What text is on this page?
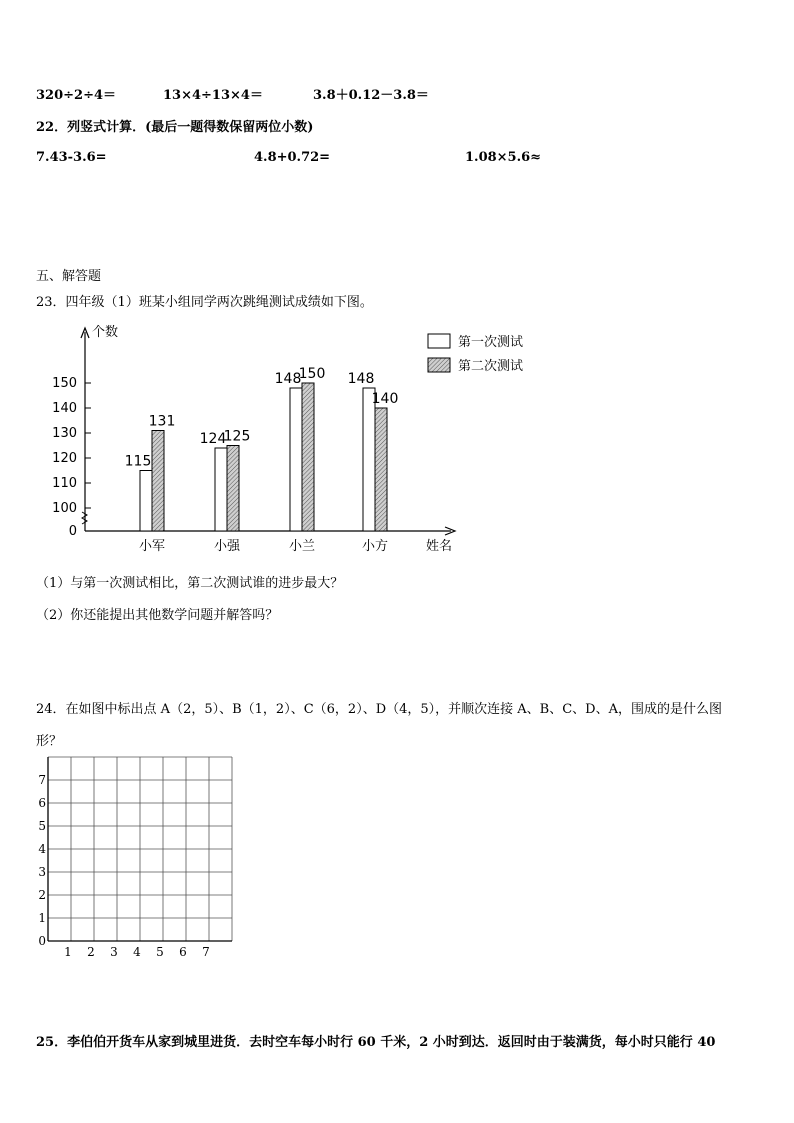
320÷2÷4＝	13×4÷13×4＝	3.8＋0.12－3.8＝
22．列竖式计算．(最后一题得数保留两位小数)
7.43-3.6=	4.8+0.72=	1.08×5.6≈
五、解答题
23．四年级（1）班某小组同学两次跳绳测试成绩如下图。
0
100
110
120
130
140
150
115
131
124
125
148
150 148
140
小军	小强	小兰	小方
第一次测试
第二次测试
个数
姓名
（1）与第一次测试相比，第二次测试谁的进步最大？
（2）你还能提出其他数学问题并解答吗？
24．在如图中标出点 A（2，5）、B（1，2）、C（6，2）、D（4，5），并顺次连接 A、B、C、D、A，围成的是什么图
形？
1 2 3 4 5 6 7
0
1
2
3
4
5
6
7
25．李伯伯开货车从家到城里进货．去时空车每小时行 60 千米，2 小时到达．返回时由于装满货，每小时只能行 40
